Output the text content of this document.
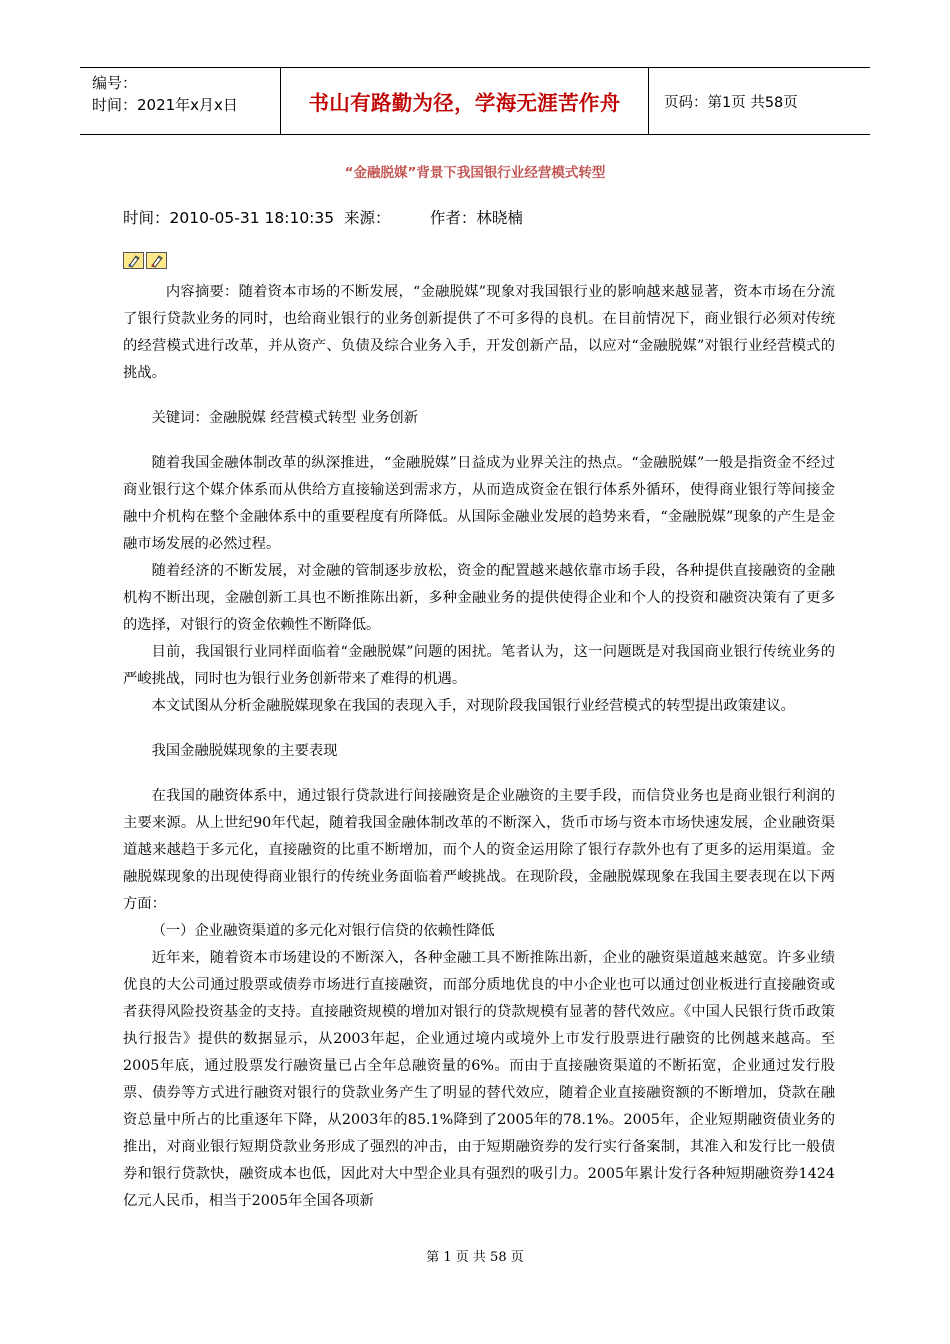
编号：
时间：2021年x月x日	书山有路勤为径，学海无涯苦作舟	页码：第1页 共58页
“金融脱媒”背景下我国银行业经营模式转型
时间：2010-05-31 18:10:35  来源：        作者：林晓楠

内容摘要：随着资本市场的不断发展，“金融脱媒”现象对我国银行业的影响越来越显著，资本市场在分流了银行贷款业务的同时，也给商业银行的业务创新提供了不可多得的良机。在目前情况下，商业银行必须对传统的经营模式进行改革，并从资产、负债及综合业务入手，开发创新产品，以应对“金融脱媒”对银行业经营模式的挑战。

关键词：金融脱媒 经营模式转型 业务创新

随着我国金融体制改革的纵深推进，“金融脱媒”日益成为业界关注的热点。“金融脱媒”一般是指资金不经过商业银行这个媒介体系而从供给方直接输送到需求方，从而造成资金在银行体系外循环，使得商业银行等间接金融中介机构在整个金融体系中的重要程度有所降低。从国际金融业发展的趋势来看，“金融脱媒”现象的产生是金融市场发展的必然过程。

随着经济的不断发展，对金融的管制逐步放松，资金的配置越来越依靠市场手段，各种提供直接融资的金融机构不断出现，金融创新工具也不断推陈出新，多种金融业务的提供使得企业和个人的投资和融资决策有了更多的选择，对银行的资金依赖性不断降低。

目前，我国银行业同样面临着“金融脱媒”问题的困扰。笔者认为，这一问题既是对我国商业银行传统业务的严峻挑战，同时也为银行业务创新带来了难得的机遇。

本文试图从分析金融脱媒现象在我国的表现入手，对现阶段我国银行业经营模式的转型提出政策建议。

我国金融脱媒现象的主要表现

在我国的融资体系中，通过银行贷款进行间接融资是企业融资的主要手段，而信贷业务也是商业银行利润的主要来源。从上世纪90年代起，随着我国金融体制改革的不断深入，货币市场与资本市场快速发展，企业融资渠道越来越趋于多元化，直接融资的比重不断增加，而个人的资金运用除了银行存款外也有了更多的运用渠道。金融脱媒现象的出现使得商业银行的传统业务面临着严峻挑战。在现阶段，金融脱媒现象在我国主要表现在以下两方面：

（一）企业融资渠道的多元化对银行信贷的依赖性降低

近年来，随着资本市场建设的不断深入，各种金融工具不断推陈出新，企业的融资渠道越来越宽。许多业绩优良的大公司通过股票或债券市场进行直接融资，而部分质地优良的中小企业也可以通过创业板进行直接融资或者获得风险投资基金的支持。直接融资规模的增加对银行的贷款规模有显著的替代效应。《中国人民银行货币政策执行报告》提供的数据显示，从2003年起，企业通过境内或境外上市发行股票进行融资的比例越来越高。至2005年底，通过股票发行融资量已占全年总融资量的6%。而由于直接融资渠道的不断拓宽，企业通过发行股票、债券等方式进行融资对银行的贷款业务产生了明显的替代效应，随着企业直接融资额的不断增加，贷款在融资总量中所占的比重逐年下降，从2003年的85.1%降到了2005年的78.1%。2005年，企业短期融资债业务的推出，对商业银行短期贷款业务形成了强烈的冲击，由于短期融资券的发行实行备案制，其准入和发行比一般债券和银行贷款快，融资成本也低，因此对大中型企业具有强烈的吸引力。2005年累计发行各种短期融资券1424亿元人民币，相当于2005年全国各项新

第 1 页 共 58 页
